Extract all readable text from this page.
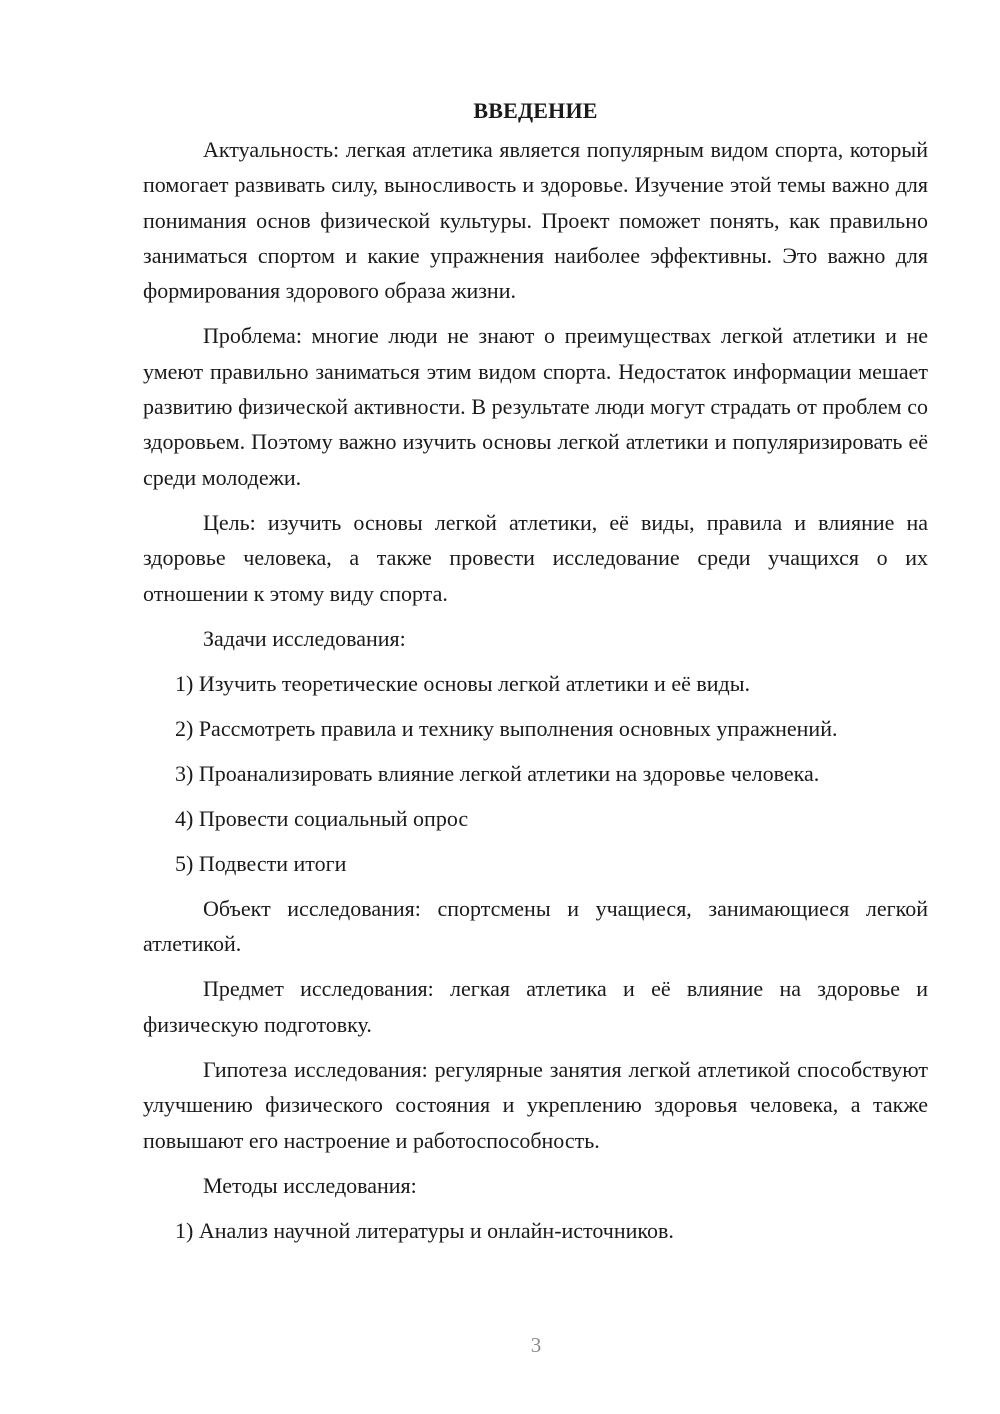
ВВЕДЕНИЕ

Актуальность: легкая атлетика является популярным видом спорта, который помогает развивать силу, выносливость и здоровье. Изучение этой темы важно для понимания основ физической культуры. Проект поможет понять, как правильно заниматься спортом и какие упражнения наиболее эффективны. Это важно для формирования здорового образа жизни.

Проблема: многие люди не знают о преимуществах легкой атлетики и не умеют правильно заниматься этим видом спорта. Недостаток информации мешает развитию физической активности. В результате люди могут страдать от проблем со здоровьем. Поэтому важно изучить основы легкой атлетики и популяризировать её среди молодежи.

Цель: изучить основы легкой атлетики, её виды, правила и влияние на здоровье человека, а также провести исследование среди учащихся о их отношении к этому виду спорта.

Задачи исследования:

1) Изучить теоретические основы легкой атлетики и её виды.

2) Рассмотреть правила и технику выполнения основных упражнений.

3) Проанализировать влияние легкой атлетики на здоровье человека.

4) Провести социальный опрос

5) Подвести итоги

Объект исследования: спортсмены и учащиеся, занимающиеся легкой атлетикой.

Предмет исследования: легкая атлетика и её влияние на здоровье и физическую подготовку.

Гипотеза исследования: регулярные занятия легкой атлетикой способствуют улучшению физического состояния и укреплению здоровья человека, а также повышают его настроение и работоспособность.

Методы исследования:

1) Анализ научной литературы и онлайн-источников.

3
